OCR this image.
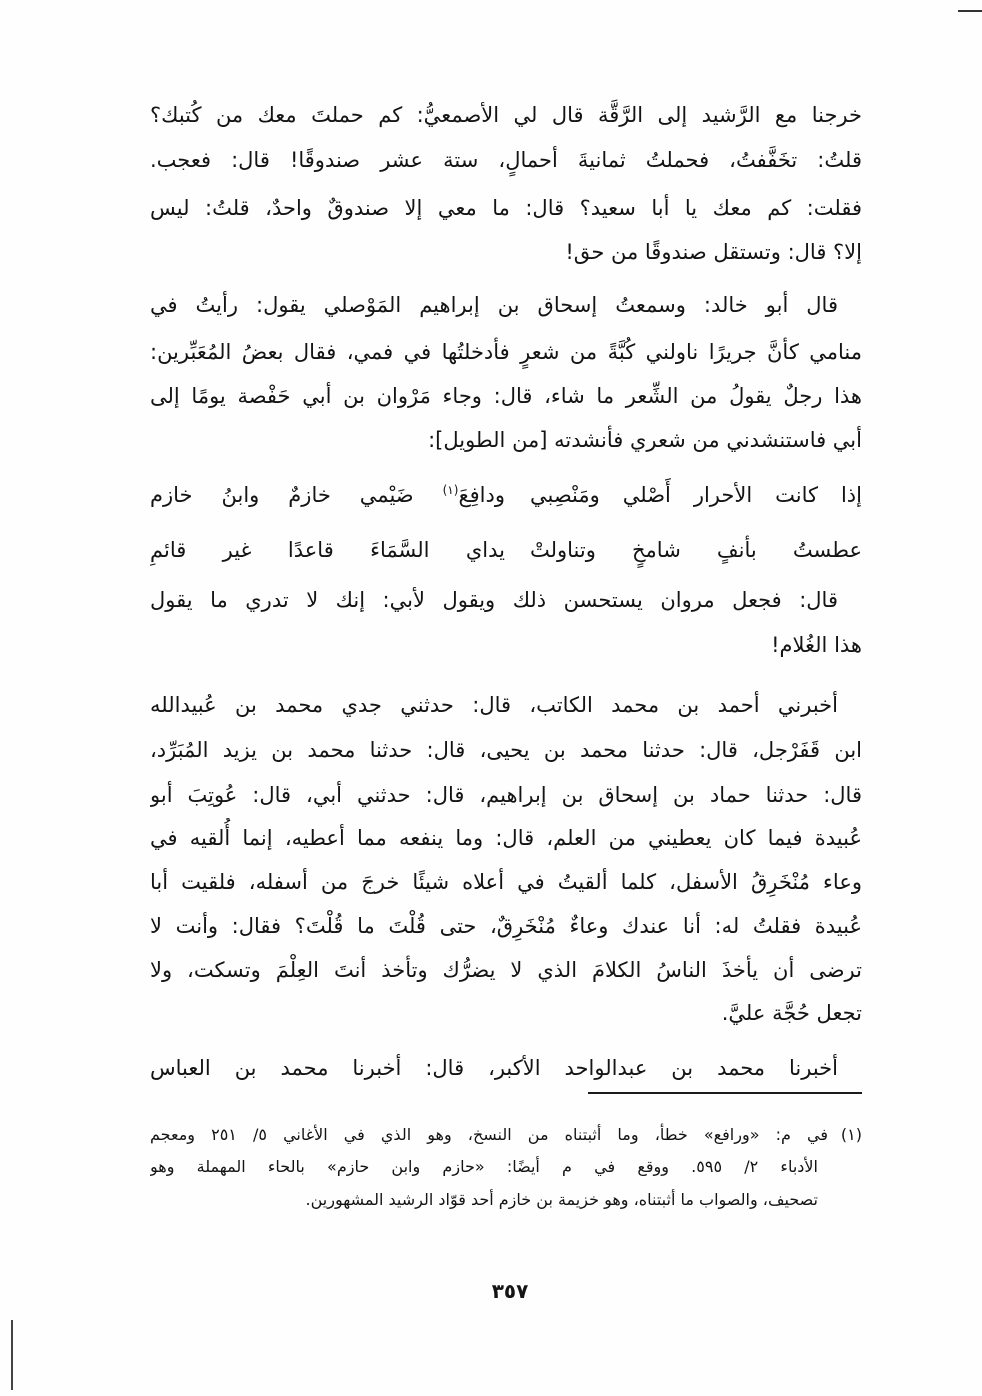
خرجنا مع الرَّشيد إلى الرَّقَّة قال لي الأصمعيُّ: كم حملتَ معك من كُتبك؟
قلتُ: تخَفَّفتُ، فحملتُ ثمانيةَ أحمالٍ، ستة عشر صندوقًا! قال: فعجب.
فقلت: كم معك يا أبا سعيد؟ قال: ما معي إلا صندوقٌ واحدٌ، قلتُ: ليس
إلا؟ قال: وتستقل صندوقًا من حق!
قال أبو خالد: وسمعتُ إسحاق بن إبراهيم المَوْصلي يقول: رأيتُ في
منامي كأنَّ جريرًا ناولني كُبَّةً من شعرٍ فأدخلتُها في فمي، فقال بعضُ المُعَبِّرين:
هذا رجلٌ يقولُ من الشِّعر ما شاء، قال: وجاء مَرْوان بن أبي حَفْصة يومًا إلى
أبي فاستنشدني من شعري فأنشدته [من الطويل]:
إذا كانت الأحرار أَصْلي ومَنْصِبي
ودافِعَ$^{(١)}$ ضَيْمي خازمٌ وابنُ خازم
عطستُ بأنفٍ شامخٍ وتناولتْ
يداي السَّمَاءَ قاعدًا غير قائمِ
قال: فجعل مروان يستحسن ذلك ويقول لأبي: إنك لا تدري ما يقول
هذا الغُلام!
أخبرني أحمد بن محمد الكاتب، قال: حدثني جدي محمد بن عُبيدالله
ابن قَفَرْجل، قال: حدثنا محمد بن يحيى، قال: حدثنا محمد بن يزيد المُبَرِّد،
قال: حدثنا حماد بن إسحاق بن إبراهيم، قال: حدثني أبي، قال: عُوتِبَ أبو
عُبيدة فيما كان يعطيني من العلم، قال: وما ينفعه مما أعطيه، إنما أُلقيه في
وعاء مُنْخَرِقُ الأسفل، كلما ألقيتُ في أعلاه شيئًا خرجَ من أسفله، فلقيت أبا
عُبيدة فقلتُ له: أنا عندك وعاءٌ مُنْخَرِقٌ، حتى قُلْتَ ما قُلْتَ؟ فقال: وأنت لا
ترضى أن يأخذَ الناسُ الكلامَ الذي لا يضرُّك وتأخذ أنتَ العِلْمَ وتسكت، ولا
تجعل حُجَّة عليَّ.
أخبرنا محمد بن عبدالواحد الأكبر، قال: أخبرنا محمد بن العباس
(١)
في م: «ورافع» خطأ، وما أثبتناه من النسخ، وهو الذي في الأغاني ٥/ ٢٥١ ومعجم
الأدباء ٢/ ٥٩٥. ووقع في م أيضًا: «حازم وابن حازم» بالحاء المهملة وهو
تصحيف، والصواب ما أثبتناه، وهو خزيمة بن خازم أحد قوّاد الرشيد المشهورين.
٣٥٧
